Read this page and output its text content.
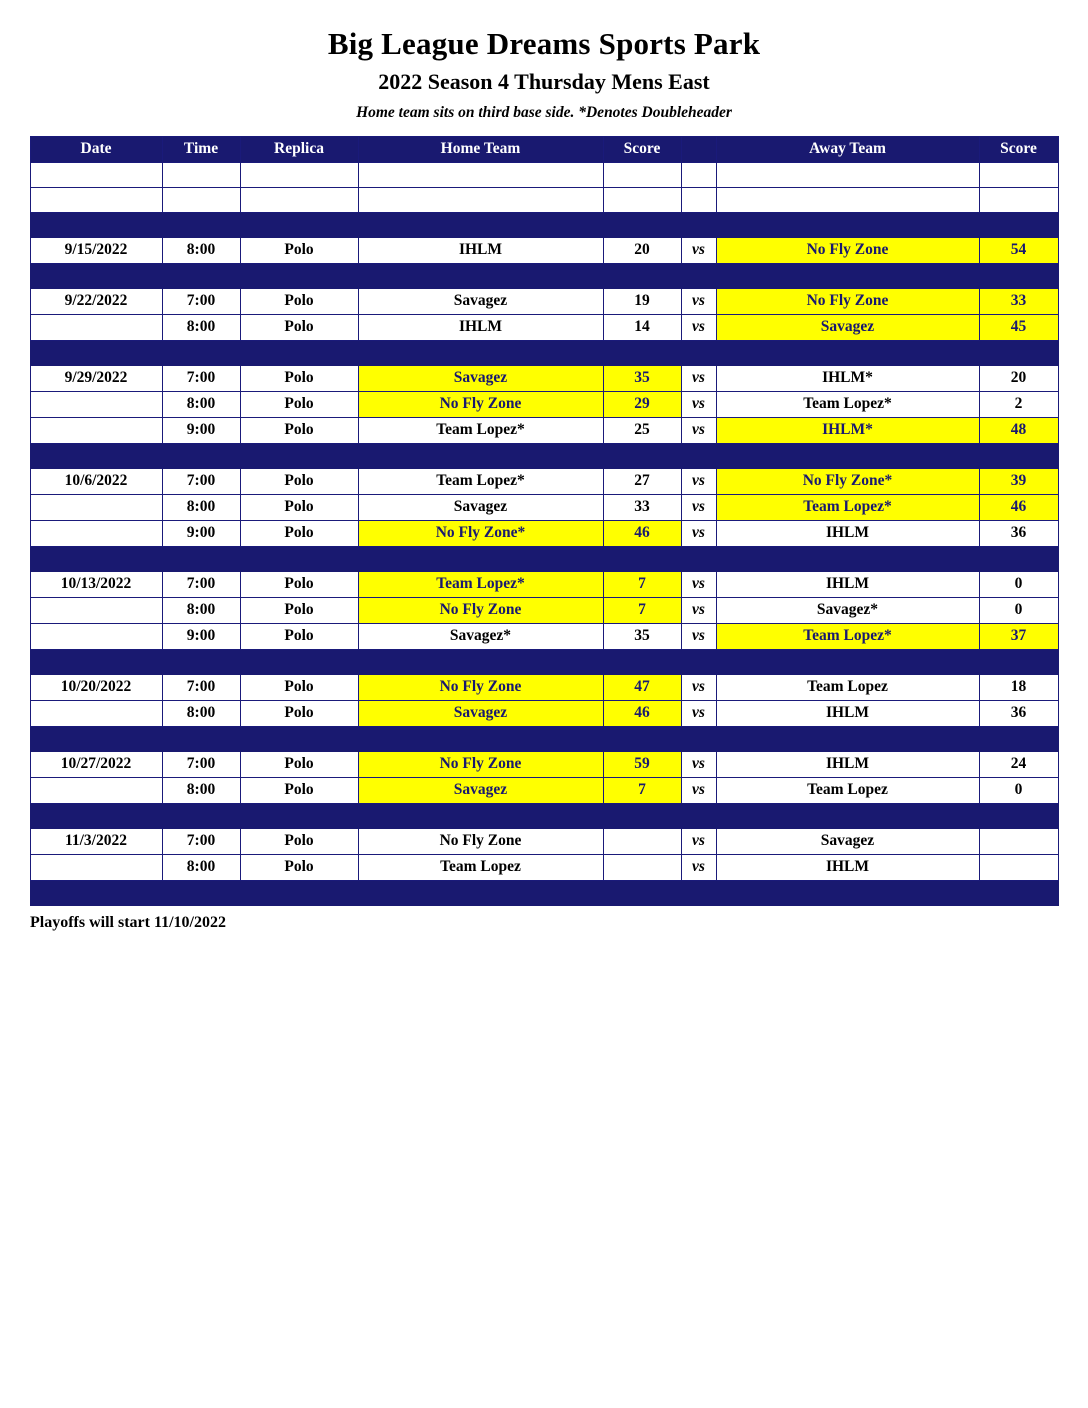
Big League Dreams Sports Park
2022 Season 4 Thursday Mens East
Home team sits on third base side. *Denotes Doubleheader
Date	Time	Replica	Home Team	Score		Away Team	Score

9/15/2022	8:00	Polo	IHLM	20	vs	No Fly Zone	54

9/22/2022	7:00	Polo	Savagez	19	vs	No Fly Zone	33
	8:00	Polo	IHLM	14	vs	Savagez	45

9/29/2022	7:00	Polo	Savagez	35	vs	IHLM*	20
	8:00	Polo	No Fly Zone	29	vs	Team Lopez*	2
	9:00	Polo	Team Lopez*	25	vs	IHLM*	48

10/6/2022	7:00	Polo	Team Lopez*	27	vs	No Fly Zone*	39
	8:00	Polo	Savagez	33	vs	Team Lopez*	46
	9:00	Polo	No Fly Zone*	46	vs	IHLM	36

10/13/2022	7:00	Polo	Team Lopez*	7	vs	IHLM	0
	8:00	Polo	No Fly Zone	7	vs	Savagez*	0
	9:00	Polo	Savagez*	35	vs	Team Lopez*	37

10/20/2022	7:00	Polo	No Fly Zone	47	vs	Team Lopez	18
	8:00	Polo	Savagez	46	vs	IHLM	36

10/27/2022	7:00	Polo	No Fly Zone	59	vs	IHLM	24
	8:00	Polo	Savagez	7	vs	Team Lopez	0

11/3/2022	7:00	Polo	No Fly Zone		vs	Savagez	
	8:00	Polo	Team Lopez		vs	IHLM	

Playoffs will start 11/10/2022
